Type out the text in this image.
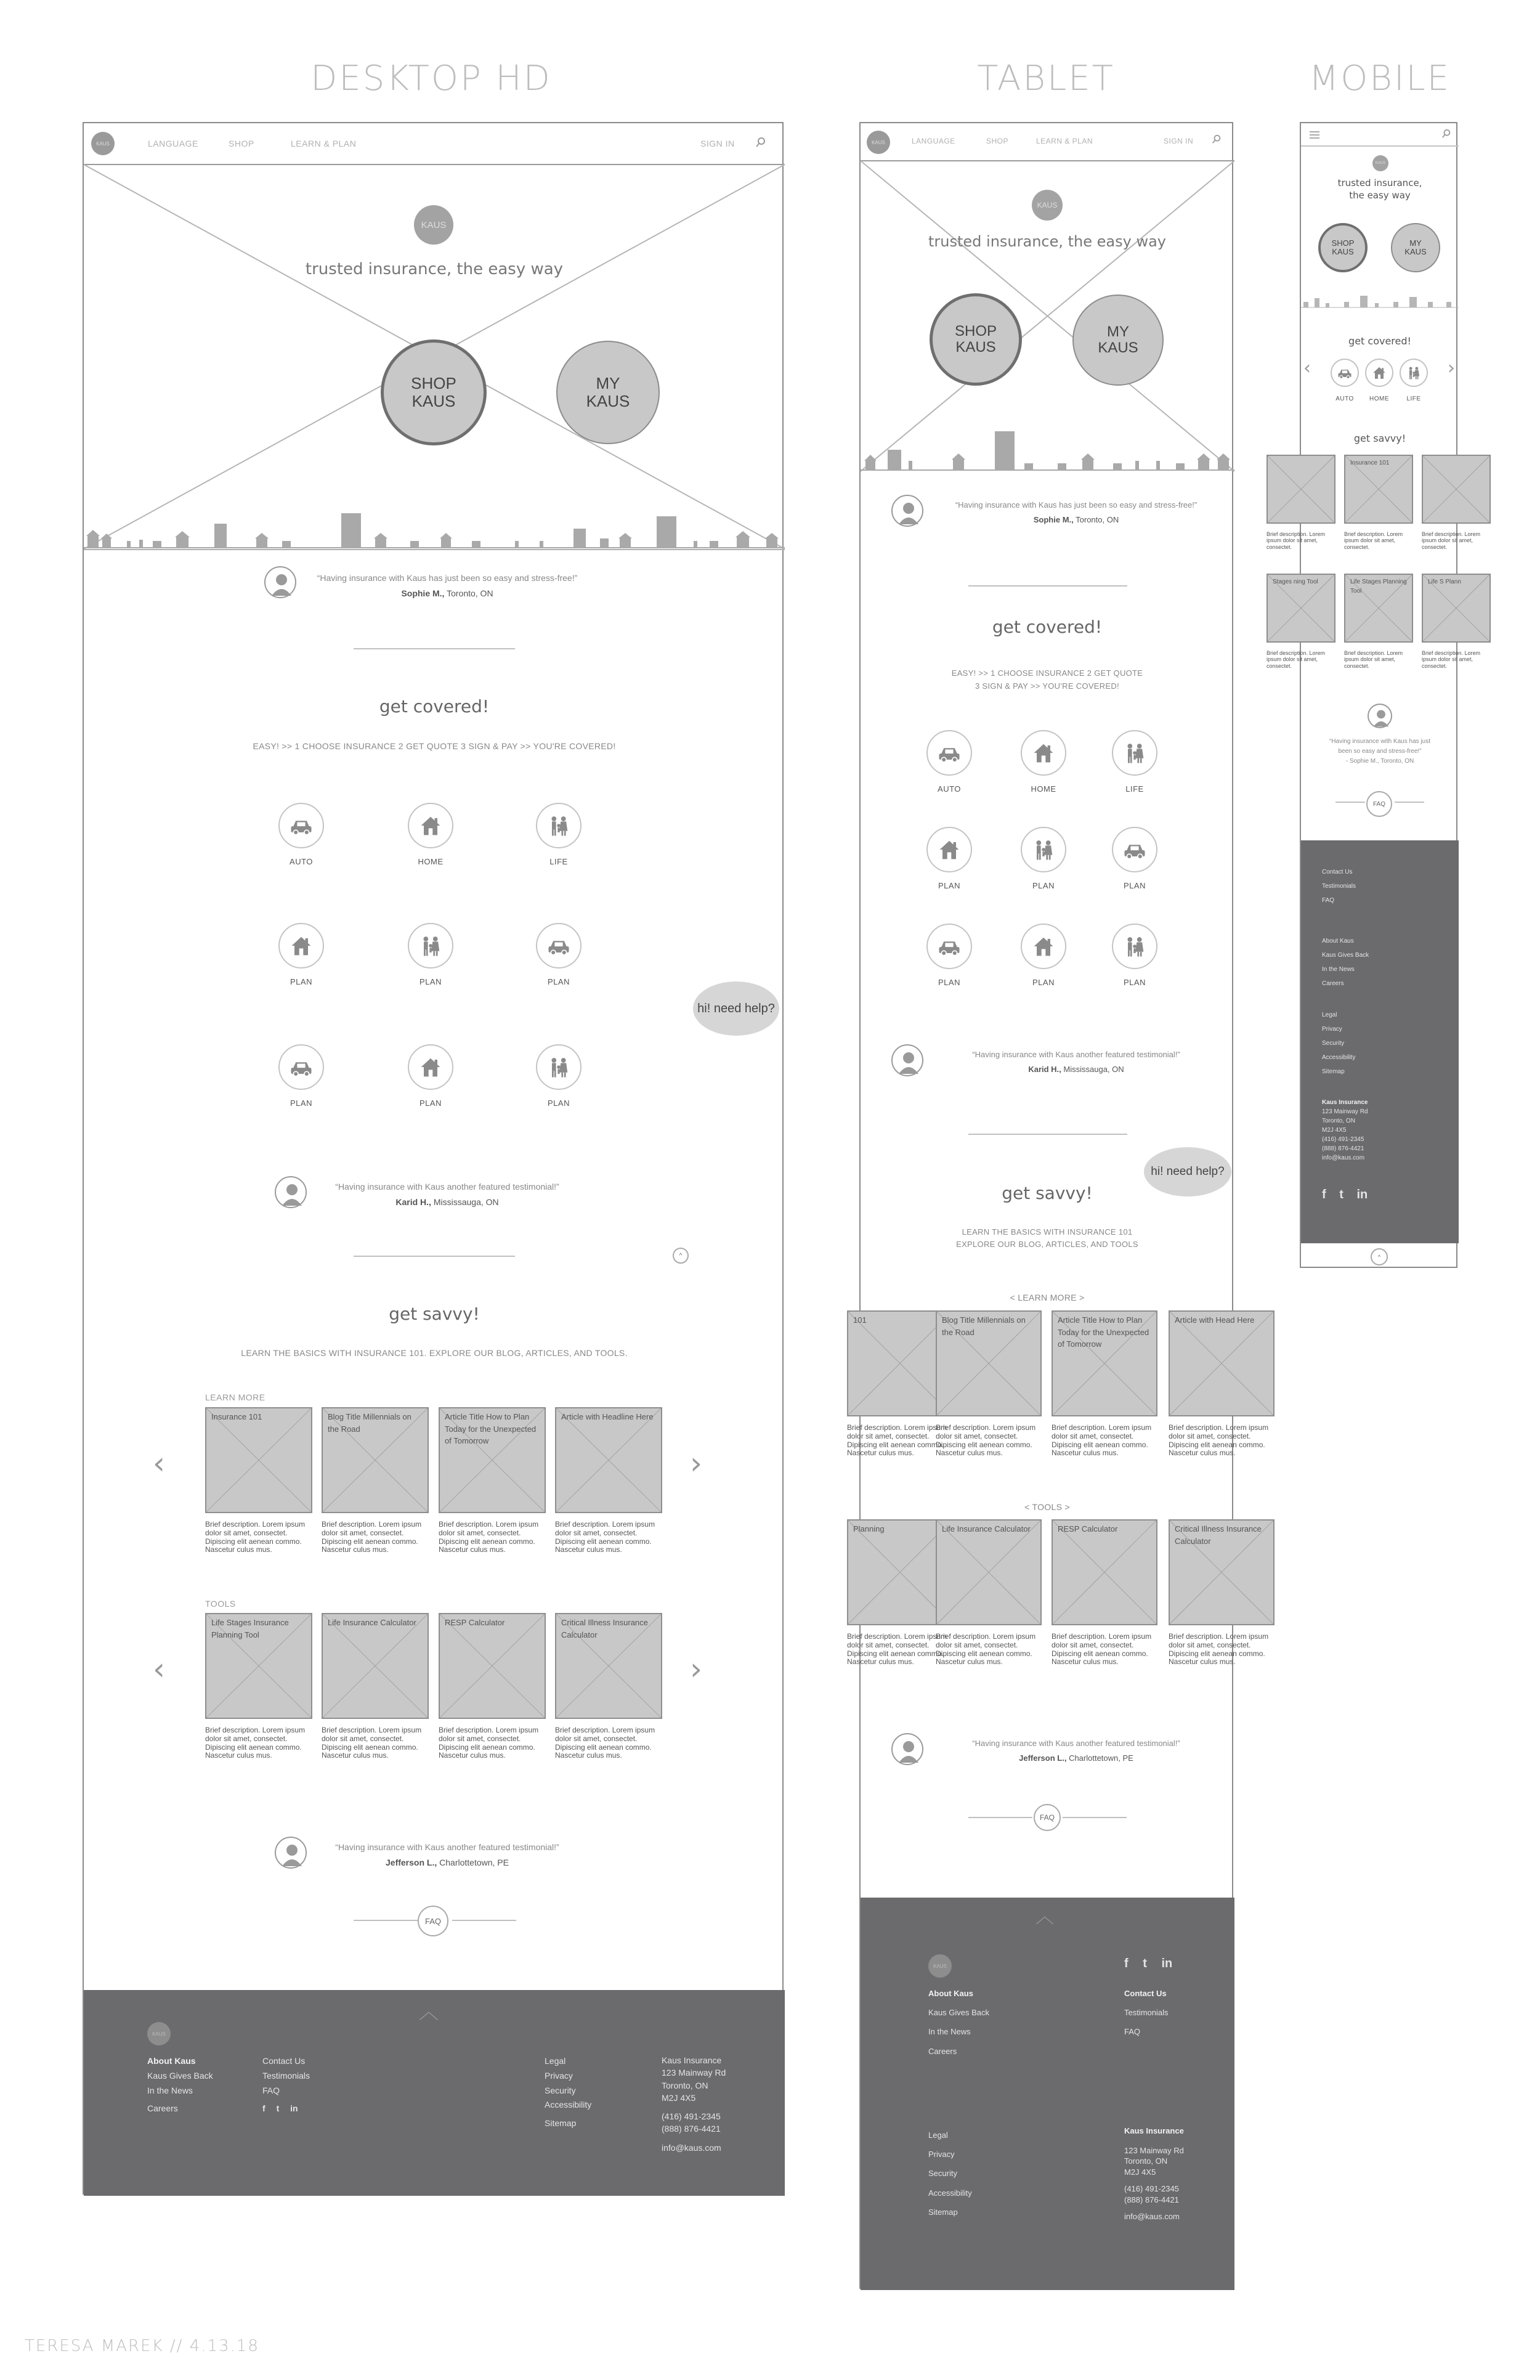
DESKTOP HD	TABLET	MOBILE
KAUS	LANGUAGE	SHOP	LEARN & PLAN	SIGN IN
KAUS
trusted insurance, the easy way
SHOP
KAUS
MY
KAUS
“Having insurance with Kaus has just been so easy and stress-free!”
Sophie M., Toronto, ON
get covered!
EASY! >> 1 CHOOSE INSURANCE 2 GET QUOTE 3 SIGN & PAY >> YOU'RE COVERED!
AUTO	HOME	LIFE
PLAN	PLAN	PLAN
PLAN	PLAN	PLAN
hi! need help?
“Having insurance with Kaus another featured testimonial!”
Karid H., Mississauga, ON
^
get savvy!
LEARN THE BASICS WITH INSURANCE 101. EXPLORE OUR BLOG, ARTICLES, AND TOOLS.
LEARN MORE
‹	›
Insurance 101
Brief description. Lorem ipsum dolor sit amet, consectet. Dipiscing elit aenean commo. Nascetur culus mus.
Blog Title Millennials on the Road
Brief description. Lorem ipsum dolor sit amet, consectet. Dipiscing elit aenean commo. Nascetur culus mus.
Article Title How to Plan Today for the Unexpected of Tomorrow
Brief description. Lorem ipsum dolor sit amet, consectet. Dipiscing elit aenean commo. Nascetur culus mus.
Article with Headline Here
Brief description. Lorem ipsum dolor sit amet, consectet. Dipiscing elit aenean commo. Nascetur culus mus.
TOOLS
‹	›
Life Stages Insurance Planning Tool
Brief description. Lorem ipsum dolor sit amet, consectet. Dipiscing elit aenean commo. Nascetur culus mus.
Life Insurance Calculator
Brief description. Lorem ipsum dolor sit amet, consectet. Dipiscing elit aenean commo. Nascetur culus mus.
RESP Calculator
Brief description. Lorem ipsum dolor sit amet, consectet. Dipiscing elit aenean commo. Nascetur culus mus.
Critical Illness Insurance Calculator
Brief description. Lorem ipsum dolor sit amet, consectet. Dipiscing elit aenean commo. Nascetur culus mus.
“Having insurance with Kaus another featured testimonial!”
Jefferson L., Charlottetown, PE
FAQ
︿
KAUS
About Kaus
Kaus Gives Back
In the News
Careers
Contact Us
Testimonials
FAQ
f t in
Legal
Privacy
Security
Accessibility
Sitemap
Kaus Insurance
123 Mainway Rd
Toronto, ON
M2J 4X5
(416) 491-2345
(888) 876-4421
info@kaus.com
KAUS	LANGUAGE	SHOP	LEARN & PLAN	SIGN IN
KAUS
trusted insurance, the easy way
SHOP
KAUS
MY
KAUS
“Having insurance with Kaus has just been so easy and stress-free!”
Sophie M., Toronto, ON
get covered!
EASY! >> 1 CHOOSE INSURANCE 2 GET QUOTE
3 SIGN & PAY >> YOU'RE COVERED!
AUTO	HOME	LIFE
PLAN	PLAN	PLAN
PLAN	PLAN	PLAN
“Having insurance with Kaus another featured testimonial!”
Karid H., Mississauga, ON
hi! need help?
get savvy!
LEARN THE BASICS WITH INSURANCE 101
EXPLORE OUR BLOG, ARTICLES, AND TOOLS
< LEARN MORE >
101
Brief description. Lorem ipsum dolor sit amet, consectet. Dipiscing elit aenean commo. Nascetur culus mus.
Blog Title Millennials on the Road
Brief description. Lorem ipsum dolor sit amet, consectet. Dipiscing elit aenean commo. Nascetur culus mus.
Article Title How to Plan Today for the Unexpected of Tomorrow
Brief description. Lorem ipsum dolor sit amet, consectet. Dipiscing elit aenean commo. Nascetur culus mus.
Article with Head Here
Brief description. Lorem ipsum dolor sit amet, consectet. Dipiscing elit aenean commo. Nascetur culus mus.
< TOOLS >
Planning
Brief description. Lorem ipsum dolor sit amet, consectet. Dipiscing elit aenean commo. Nascetur culus mus.
Life Insurance Calculator
Brief description. Lorem ipsum dolor sit amet, consectet. Dipiscing elit aenean commo. Nascetur culus mus.
RESP Calculator
Brief description. Lorem ipsum dolor sit amet, consectet. Dipiscing elit aenean commo. Nascetur culus mus.
Critical Illness Insurance Calculator
Brief description. Lorem ipsum dolor sit amet, consectet. Dipiscing elit aenean commo. Nascetur culus mus.
“Having insurance with Kaus another featured testimonial!”
Jefferson L., Charlottetown, PE
FAQ
︿
KAUS
About Kaus
Kaus Gives Back
In the News
Careers
f t in
Contact Us
Testimonials
FAQ
Legal
Privacy
Security
Accessibility
Sitemap
Kaus Insurance
123 Mainway Rd
Toronto, ON
M2J 4X5
(416) 491-2345
(888) 876-4421
info@kaus.com
KAUS
trusted insurance, the easy way
SHOP
KAUS
MY
KAUS
get covered!
‹	›
AUTO	HOME	LIFE
get savvy!
Brief description. Lorem ipsum dolor sit amet, consectet.
Insurance 101
Brief description. Lorem ipsum dolor sit amet, consectet.
Brief description. Lorem ipsum dolor sit amet, consectet.
Stages ning Tool
Brief description. Lorem ipsum dolor sit amet, consectet.
Life Stages Planning Tool
Brief description. Lorem ipsum dolor sit amet, consectet.
Life S Plann
Brief description. Lorem ipsum dolor sit amet, consectet.
“Having insurance with Kaus has just been so easy and stress-free!”
- Sophie M., Toronto, ON
FAQ
Contact Us
Testimonials
FAQ
About Kaus
Kaus Gives Back
In the News
Careers
Legal
Privacy
Security
Accessibility
Sitemap
Kaus Insurance
123 Mainway Rd
Toronto, ON
M2J 4X5
(416) 491-2345
(888) 876-4421
info@kaus.com
f t in
^
TERESA MAREK // 4.13.18
